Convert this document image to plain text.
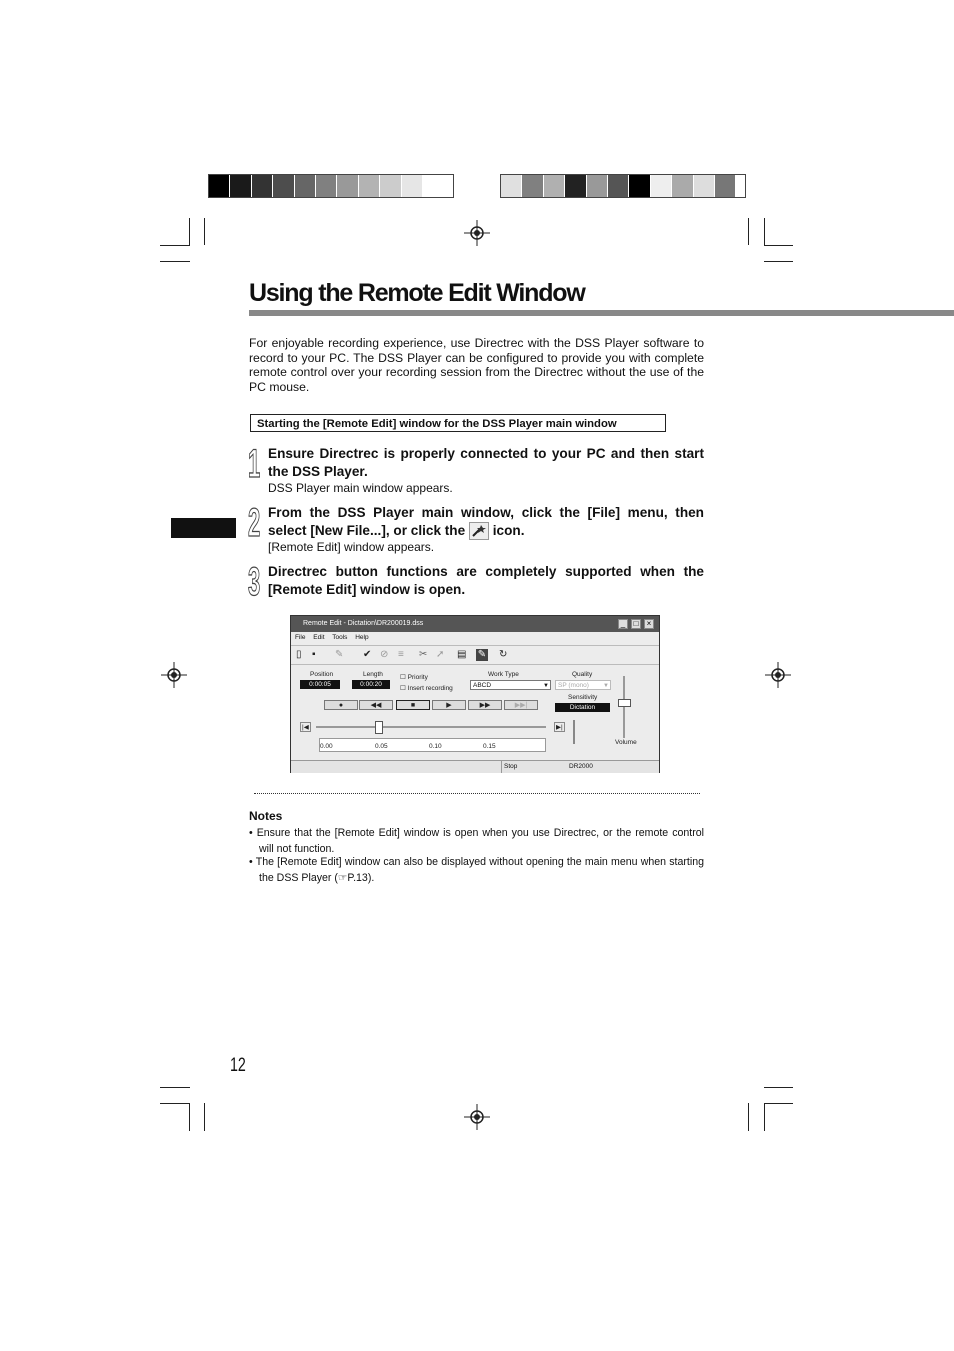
Using the Remote Edit Window

For enjoyable recording experience, use Directrec with the DSS Player software to record to your PC. The DSS Player can be configured to provide you with complete remote control over your recording session from the Directrec without the use of the PC mouse.

Starting the [Remote Edit] window for the DSS Player main window
1 Ensure Directrec is properly connected to your PC and then start the DSS Player.

DSS Player main window appears.
2 From the DSS Player main window, click the [File] menu, then select [New File...], or click the icon.

[Remote Edit] window appears.
3 Directrec button functions are completely supported when the [Remote Edit] window is open.

Remote Edit - Dictation\DR200019.dss	_	□	×
File Edit Tools Help
▯ ▪ ✎ ✔ ⊘ ≡ ✂ ➚ ▤ ✎ ↻
Position
0:00:05
Length
0:00:20
☐ Priority
☐ Insert recording
Work Type
ABCD	▼
Quality
SP (mono) ▼
Sensitivity
Dictation
●	◀◀	■	▶	▶▶	▶▶|
|◀	▶|
0.00	0.05	0.10	0.15
Volume
Stop	DR2000
Notes

• Ensure that the [Remote Edit] window is open when you use Directrec, or the remote control will not function.

• The [Remote Edit] window can also be displayed without opening the main menu when starting the DSS Player (☞P.13).

12
